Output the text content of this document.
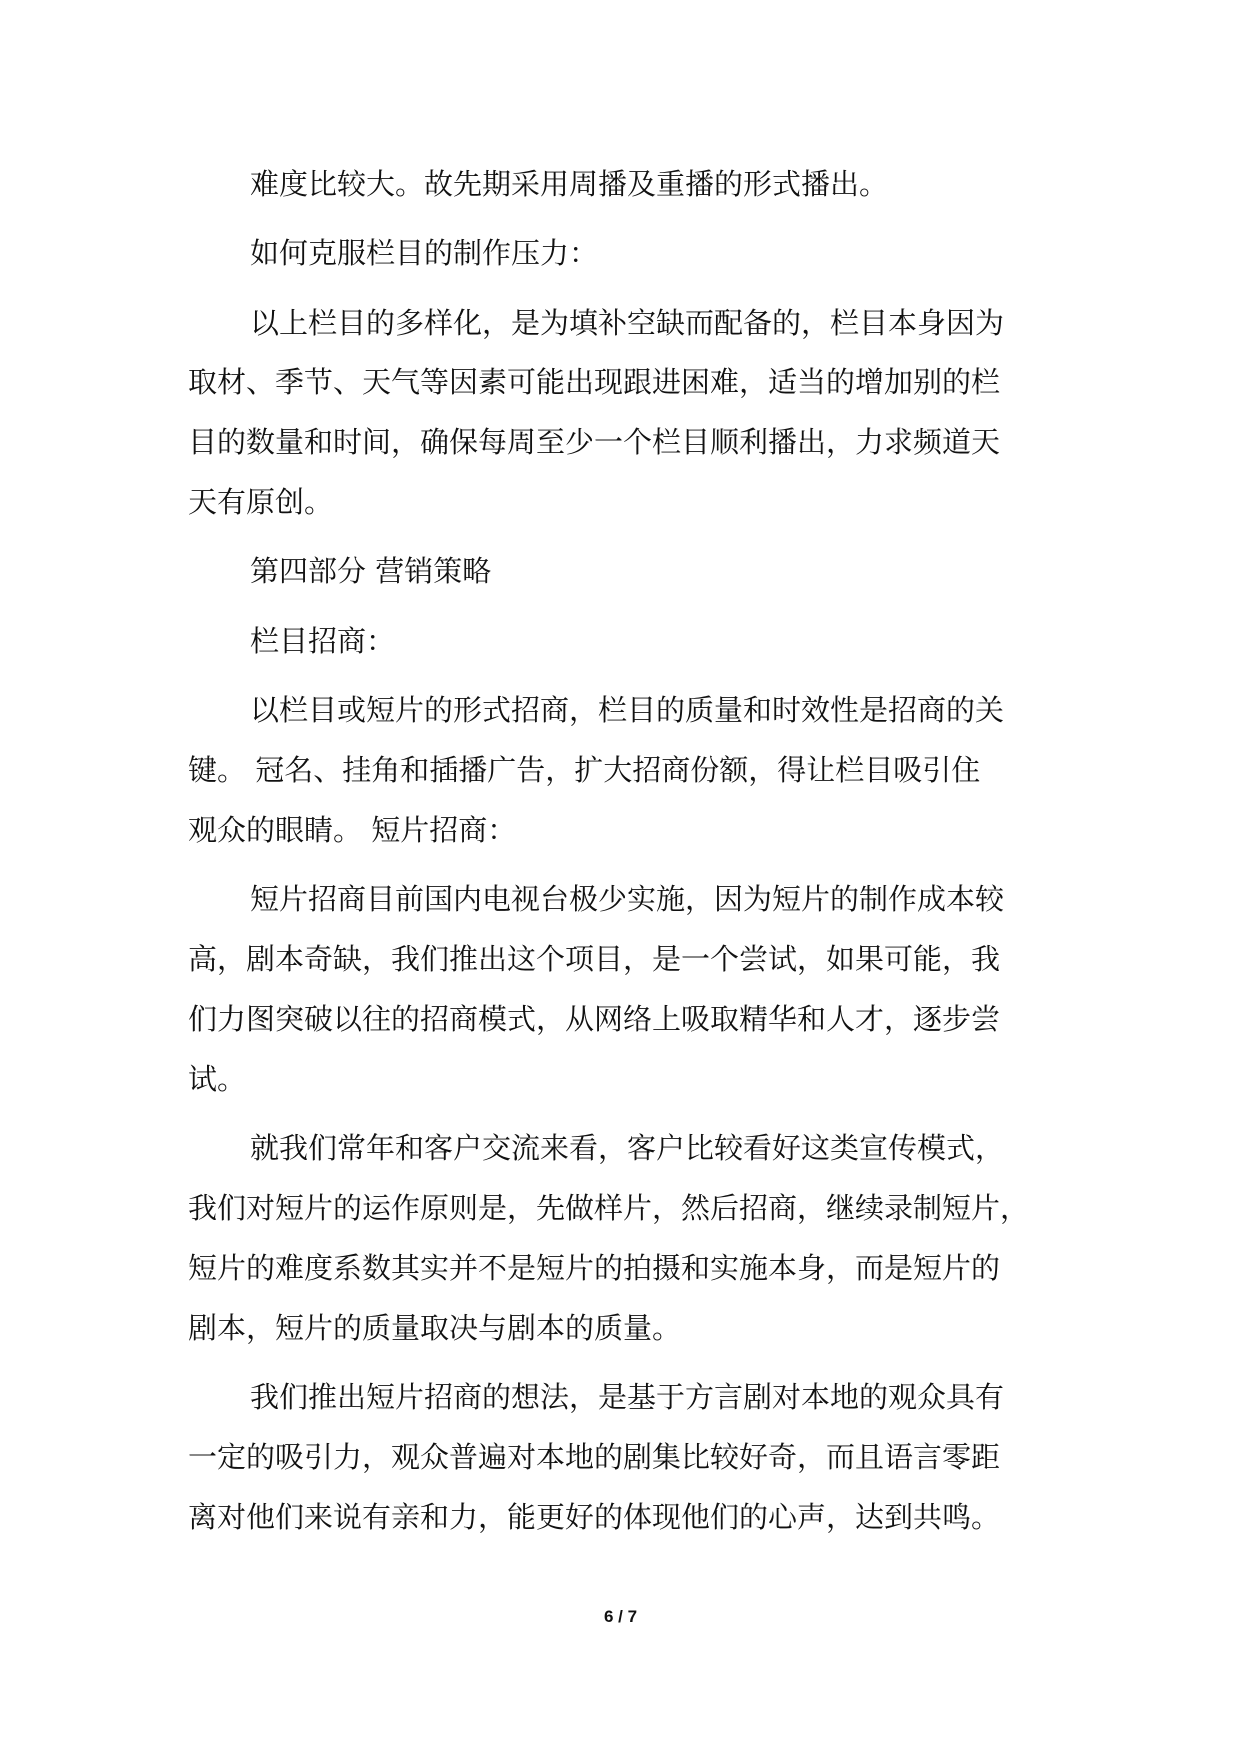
难度比较大。故先期采用周播及重播的形式播出。
如何克服栏目的制作压力：
以上栏目的多样化，是为填补空缺而配备的，栏目本身因为
取材、季节、天气等因素可能出现跟进困难，适当的增加别的栏
目的数量和时间，确保每周至少一个栏目顺利播出，力求频道天
天有原创。
第四部分 营销策略
栏目招商：
以栏目或短片的形式招商，栏目的质量和时效性是招商的关
键。 冠名、挂角和插播广告，扩大招商份额，得让栏目吸引住
观众的眼睛。 短片招商：
短片招商目前国内电视台极少实施，因为短片的制作成本较
高，剧本奇缺，我们推出这个项目，是一个尝试，如果可能，我
们力图突破以往的招商模式，从网络上吸取精华和人才，逐步尝
试。
就我们常年和客户交流来看，客户比较看好这类宣传模式，
我们对短片的运作原则是，先做样片，然后招商，继续录制短片，
短片的难度系数其实并不是短片的拍摄和实施本身，而是短片的
剧本，短片的质量取决与剧本的质量。
我们推出短片招商的想法，是基于方言剧对本地的观众具有
一定的吸引力，观众普遍对本地的剧集比较好奇，而且语言零距
离对他们来说有亲和力，能更好的体现他们的心声，达到共鸣。
6 / 7
